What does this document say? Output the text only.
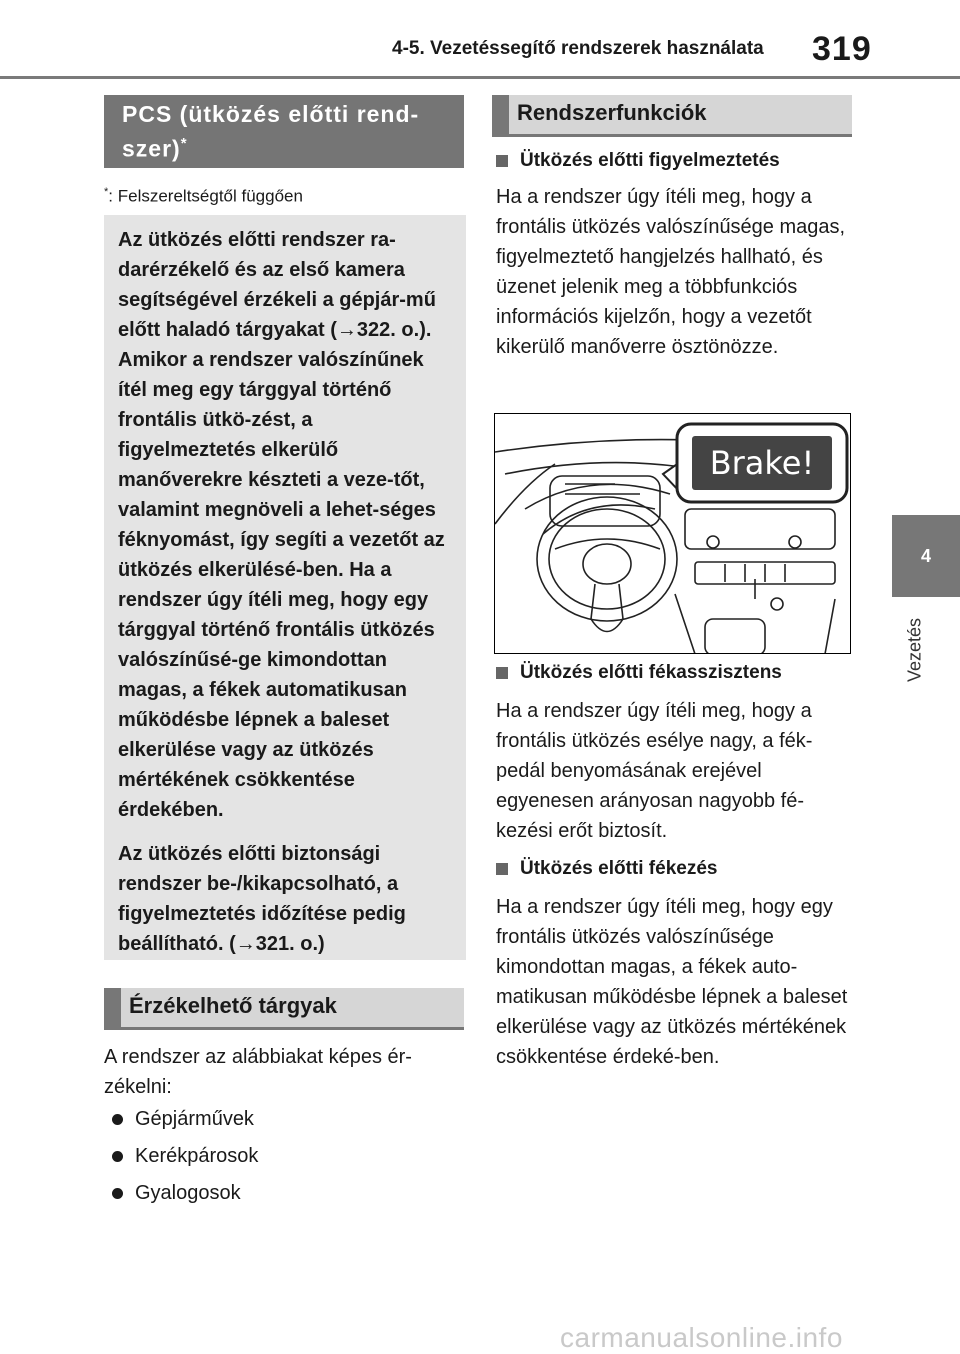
4-5. Vezetéssegítő rendszerek használata 319
4
Vezetés
PCS (ütközés előtti rend-
szer)*
*: Felszereltségtől függően

Az ütközés előtti rendszer ra-darérzékelő és az első kamera segítségével érzékeli a gépjár-mű előtt haladó tárgyakat (→322. o.). Amikor a rendszer valószínűnek ítél meg egy tárggyal történő frontális ütkö-zést, a figyelmeztetés elkerülő manőverekre készteti a veze-tőt, valamint megnöveli a lehet-séges féknyomást, így segíti a vezetőt az ütközés elkerülésé-ben. Ha a rendszer úgy ítéli meg, hogy egy tárggyal történő frontális ütközés valószínűsé-ge kimondottan magas, a fékek automatikusan működésbe lépnek a baleset elkerülése vagy az ütközés mértékének csökkentése érdekében.

Az ütközés előtti biztonsági rendszer be-/kikapcsolható, a figyelmeztetés időzítése pedig beállítható. (→321. o.)

Érzékelhető tárgyak
A rendszer az alábbiakat képes ér-zékelni:
Gépjárművek
Kerékpárosok
Gyalogosok
Rendszerfunkciók
Ütközés előtti figyelmeztetés
Ha a rendszer úgy ítéli meg, hogy a frontális ütközés valószínűsége magas, figyelmeztető hangjelzés hallható, és üzenet jelenik meg a többfunkciós információs kijelzőn, hogy a vezetőt kikerülő manőverre ösztönözze.
Brake!
Ütközés előtti fékasszisztens
Ha a rendszer úgy ítéli meg, hogy a frontális ütközés esélye nagy, a fék-pedál benyomásának erejével egyenesen arányosan nagyobb fé-kezési erőt biztosít.
Ütközés előtti fékezés
Ha a rendszer úgy ítéli meg, hogy egy frontális ütközés valószínűsége kimondottan magas, a fékek auto-matikusan működésbe lépnek a baleset elkerülése vagy az ütközés mértékének csökkentése érdeké-ben.
carmanualsonline.info
